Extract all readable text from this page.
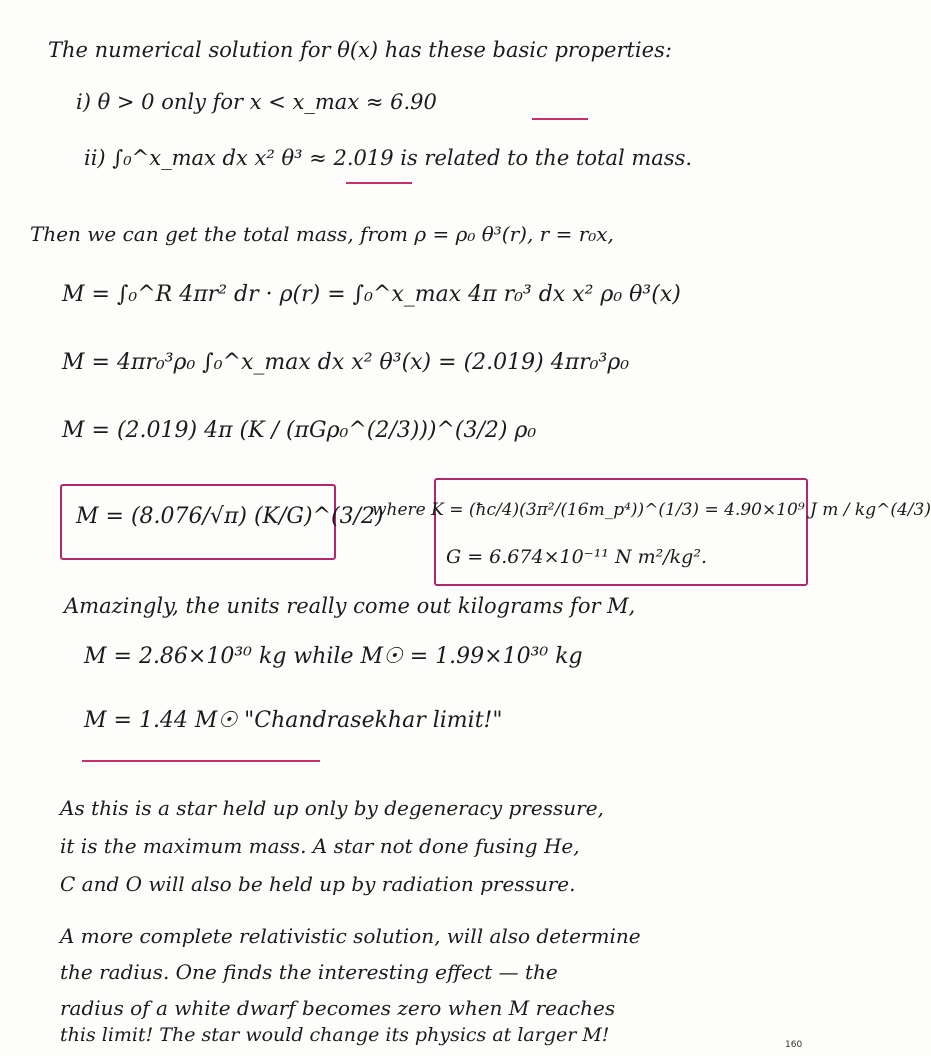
The numerical solution for θ(x) has these basic properties:
i) θ > 0 only for x < x_max ≈ 6.90
ii) ∫₀^x_max dx x² θ³ ≈ 2.019 is related to the total mass.
Then we can get the total mass, from ρ = ρ₀ θ³(r), r = r₀x,
M = ∫₀^R 4πr² dr · ρ(r) = ∫₀^x_max 4π r₀³ dx x² ρ₀ θ³(x)
M = 4πr₀³ρ₀ ∫₀^x_max dx x² θ³(x) = (2.019) 4πr₀³ρ₀
M = (2.019) 4π (K / (πGρ₀^(2/3)))^(3/2) ρ₀
M = (8.076/√π) (K/G)^(3/2)
where K = (ħc/4)(3π²/(16m_p⁴))^(1/3) = 4.90×10⁹ J m / kg^(4/3)
G = 6.674×10⁻¹¹ N m²/kg².
Amazingly, the units really come out kilograms for M,
M = 2.86×10³⁰ kg while M☉ = 1.99×10³⁰ kg
M = 1.44 M☉ "Chandrasekhar limit!"
As this is a star held up only by degeneracy pressure,
it is the maximum mass. A star not done fusing He,
C and O will also be held up by radiation pressure.
A more complete relativistic solution, will also determine
the radius. One finds the interesting effect — the
radius of a white dwarf becomes zero when M reaches
this limit! The star would change its physics at larger M!	160
